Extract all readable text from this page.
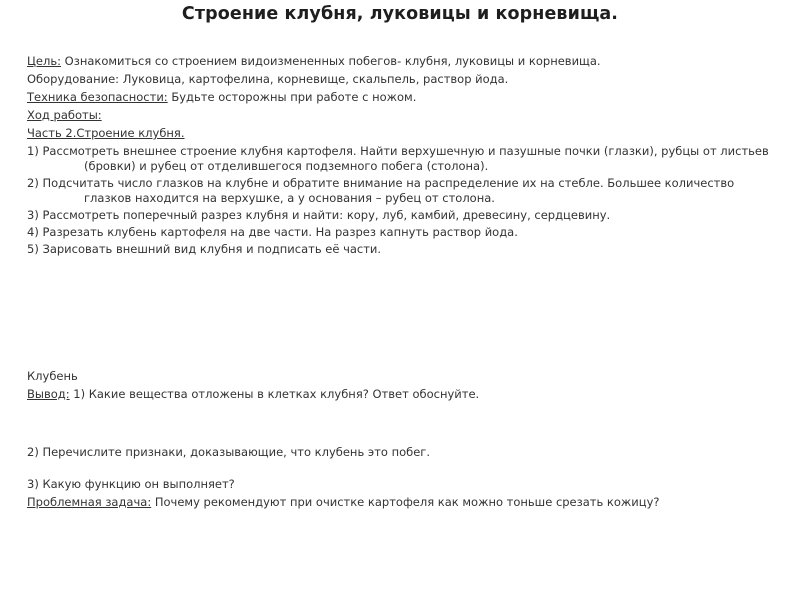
Строение клубня, луковицы и корневища.
Цель: Ознакомиться со строением видоизмененных побегов- клубня, луковицы и корневища.
Оборудование: Луковица, картофелина, корневище, скальпель, раствор йода.
Техника безопасности: Будьте осторожны при работе с ножом.
Ход работы:
Часть 2.Строение клубня.
1) Рассмотреть внешнее строение клубня картофеля. Найти верхушечную и пазушные почки (глазки), рубцы от листьев (бровки) и рубец от отделившегося подземного побега (столона).
2) Подсчитать число глазков на клубне и обратите внимание на распределение их на стебле. Большее количество глазков находится на верхушке, а у основания – рубец от столона.
3) Рассмотреть поперечный разрез клубня и найти: кору, луб, камбий, древесину, сердцевину.
4) Разрезать клубень картофеля на две части. На разрез капнуть раствор йода.
5) Зарисовать внешний вид клубня и подписать её части.
Клубень
Вывод: 1) Какие вещества отложены в клетках клубня? Ответ обоснуйте.
2) Перечислите признаки, доказывающие, что клубень это побег.
3) Какую функцию он выполняет?
Проблемная задача: Почему рекомендуют при очистке картофеля как можно тоньше срезать кожицу?
